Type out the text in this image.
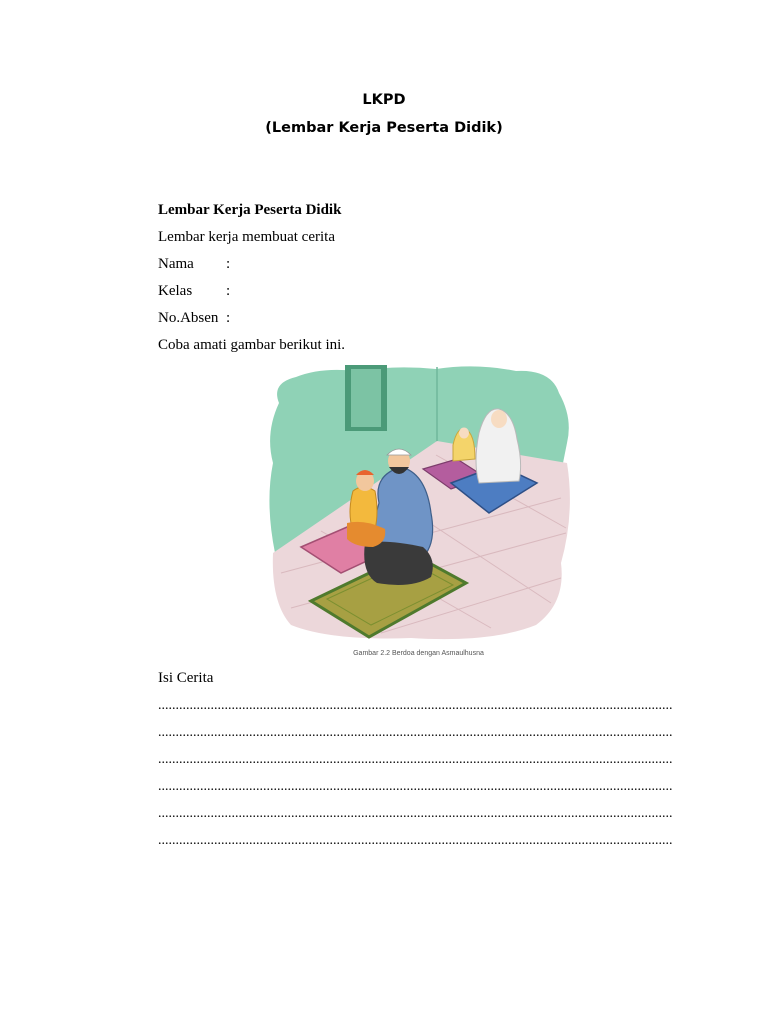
LKPD
(Lembar Kerja Peserta Didik)
Lembar Kerja Peserta Didik
Lembar kerja membuat cerita
Nama :
Kelas :
No.Absen :
Coba amati gambar berikut ini.
Gambar 2.2 Berdoa dengan Asmaulhusna
Isi Cerita
...................................................................................................................................................
...................................................................................................................................................
...................................................................................................................................................
...................................................................................................................................................
...................................................................................................................................................
...................................................................................................................................................
